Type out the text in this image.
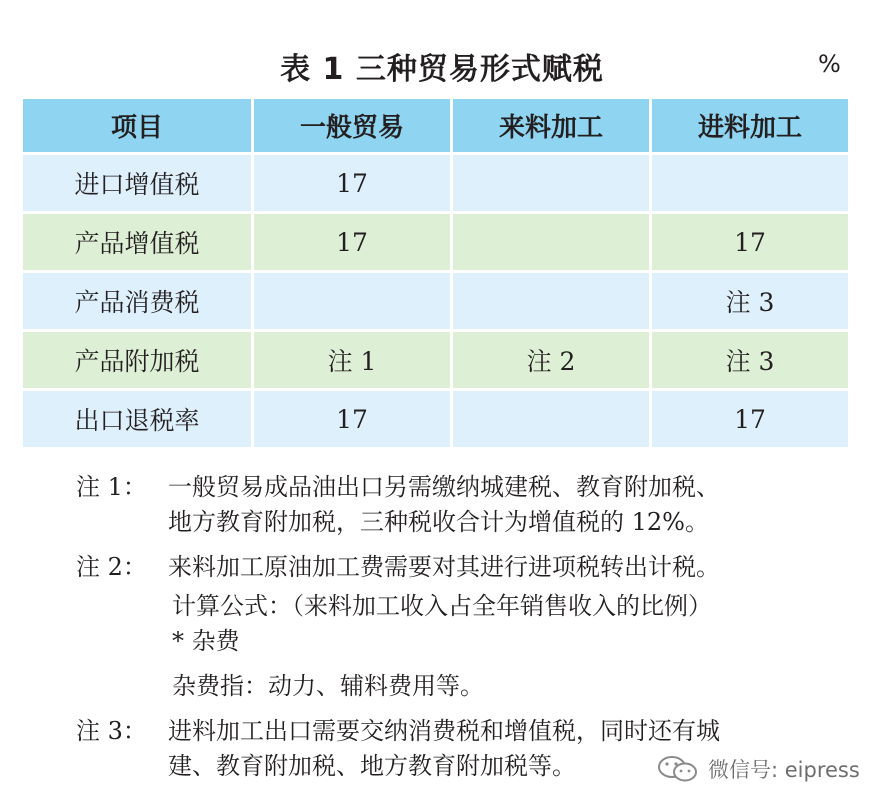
表 1 三种贸易形式赋税	%
项目	一般贸易	来料加工	进料加工
进口增值税	17		
产品增值税	17		17
产品消费税			注 3
产品附加税	注 1	注 2	注 3
出口退税率	17		17
注 1： 一般贸易成品油出口另需缴纳城建税、教育附加税、

地方教育附加税，三种税收合计为增值税的 12%。

注 2： 来料加工原油加工费需要对其进行进项税转出计税。

计算公式：（来料加工收入占全年销售收入的比例）

* 杂费

杂费指：动力、辅料费用等。

注 3： 进料加工出口需要交纳消费税和增值税，同时还有城

建、教育附加税、地方教育附加税等。	微信号: eipress
